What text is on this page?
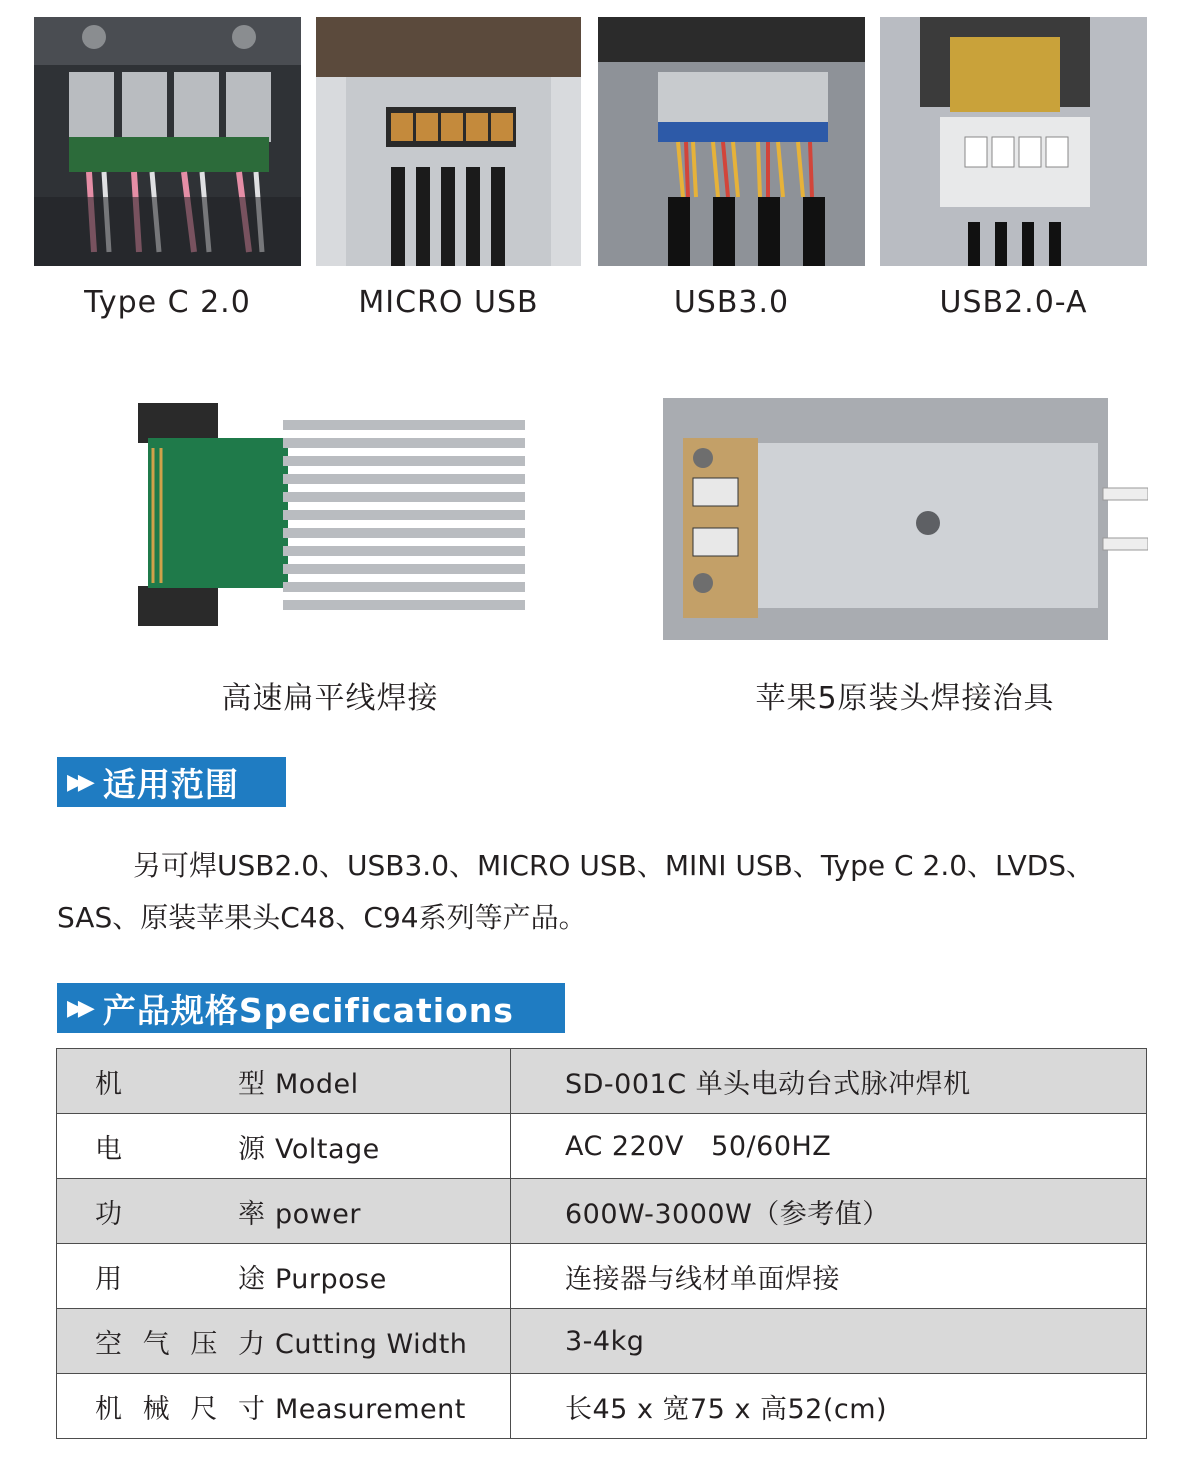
Type C 2.0	MICRO USB	USB3.0	USB2.0-A
高速扁平线焊接	苹果5原装头焊接治具
▶▶ 适用范围

另可焊USB2.0、USB3.0、MICRO USB、MINI USB、Type C 2.0、LVDS、SAS、原装苹果头C48、C94系列等产品。

▶▶ 产品规格Specifications
机型 Model	SD-001C 单头电动台式脉冲焊机
电源 Voltage	AC 220V   50/60HZ
功率 power	600W-3000W（参考值）
用途 Purpose	连接器与线材单面焊接
空气压力 Cutting Width	3-4kg
机械尺寸 Measurement	长45 x 宽75 x 高52(cm)
